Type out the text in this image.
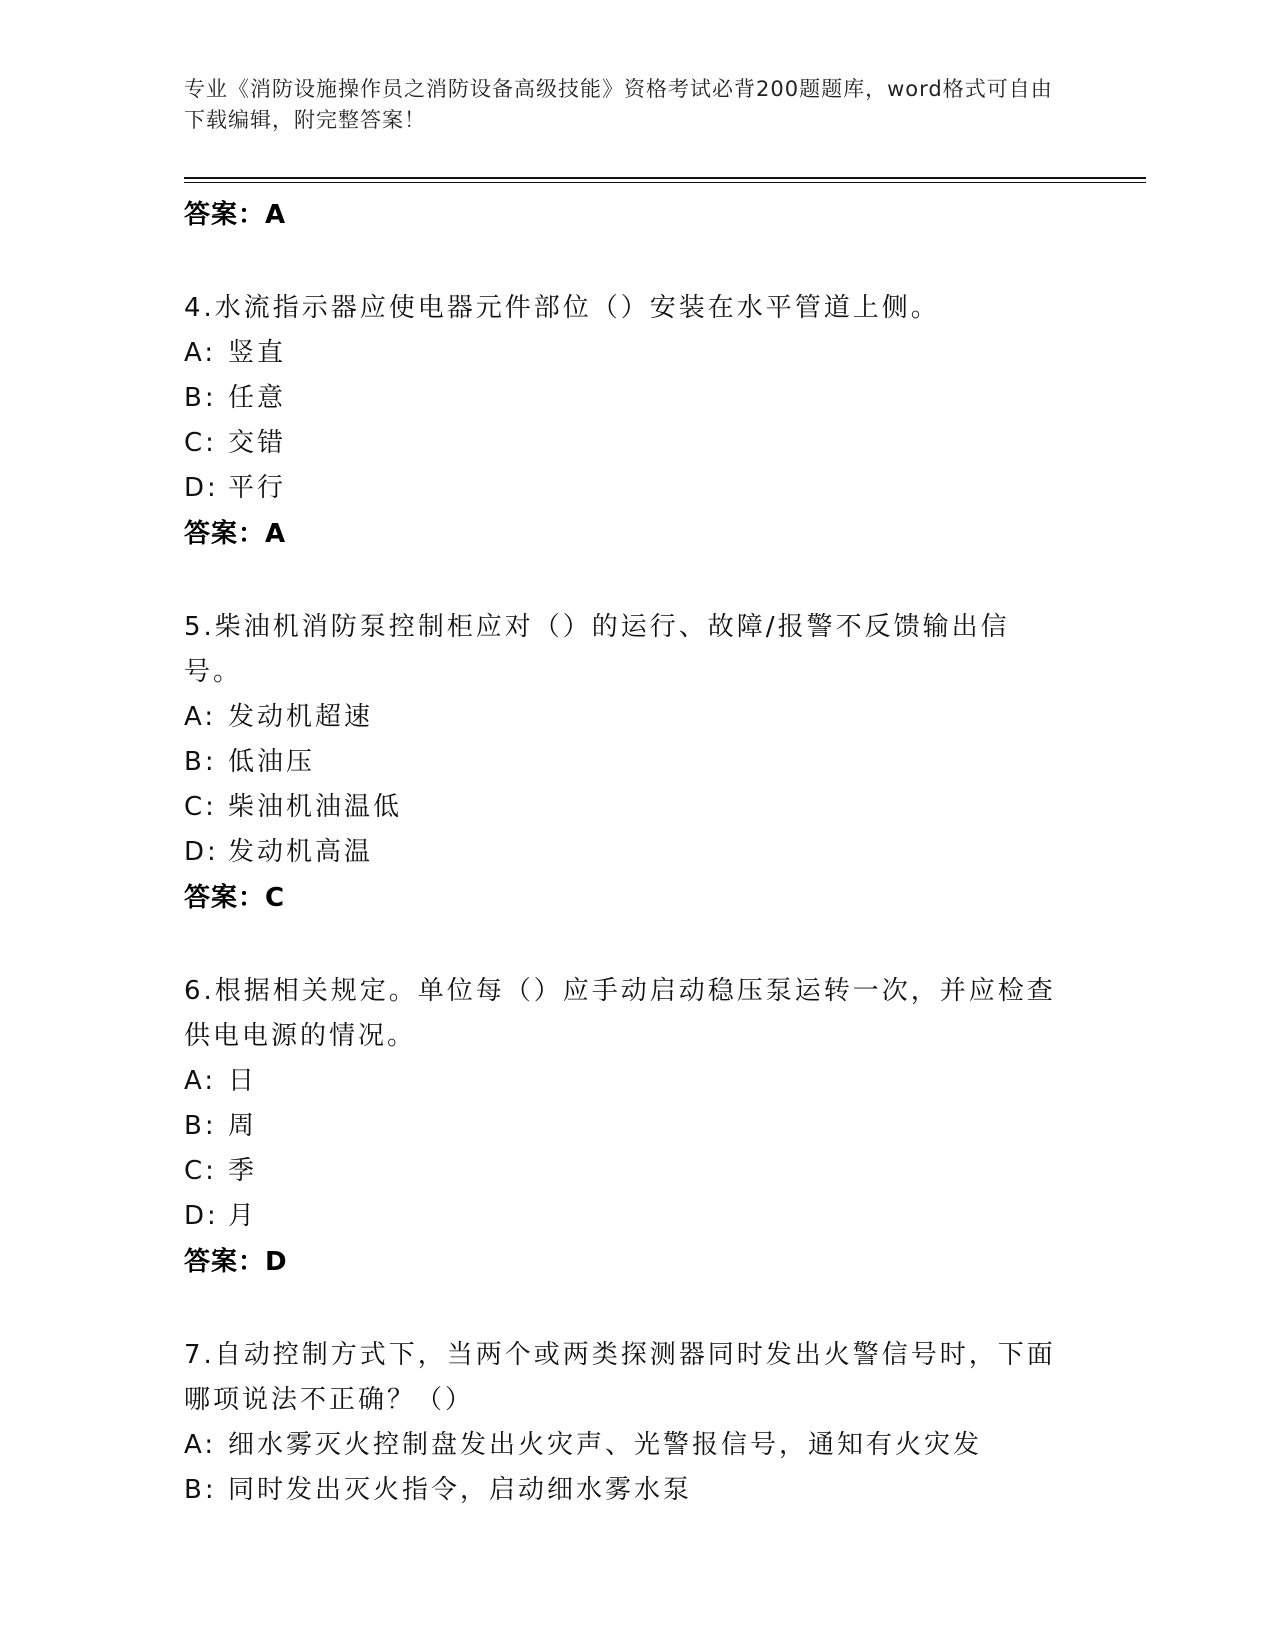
专业《消防设施操作员之消防设备高级技能》资格考试必背200题题库，word格式可自由下载编辑，附完整答案！
答案：A
4.水流指示器应使电器元件部位（）安装在水平管道上侧。
A: 竖直
B: 任意
C: 交错
D: 平行
答案：A
5.柴油机消防泵控制柜应对（）的运行、故障/报警不反馈输出信号。
A: 发动机超速
B: 低油压
C: 柴油机油温低
D: 发动机高温
答案：C
6.根据相关规定。单位每（）应手动启动稳压泵运转一次，并应检查供电电源的情况。
A: 日
B: 周
C: 季
D: 月
答案：D
7.自动控制方式下，当两个或两类探测器同时发出火警信号时，下面哪项说法不正确？（）
A: 细水雾灭火控制盘发出火灾声、光警报信号，通知有火灾发
B: 同时发出灭火指令，启动细水雾水泵
